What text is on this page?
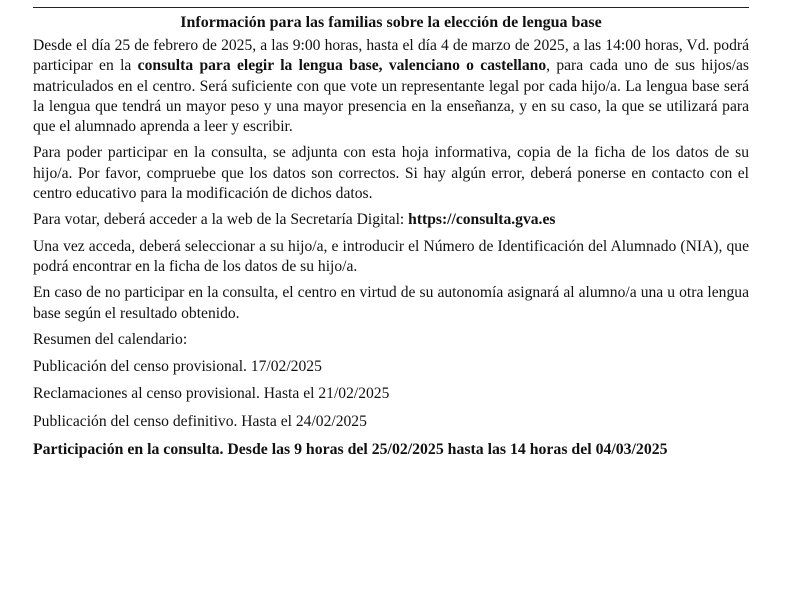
Información para las familias sobre la elección de lengua base

Desde el día 25 de febrero de 2025, a las 9:00 horas, hasta el día 4 de marzo de 2025, a las 14:00 horas, Vd. podrá participar en la consulta para elegir la lengua base, valenciano o castellano, para cada uno de sus hijos/as matriculados en el centro. Será suficiente con que vote un representante legal por cada hijo/a. La lengua base será la lengua que tendrá un mayor peso y una mayor presencia en la enseñanza, y en su caso, la que se utilizará para que el alumnado aprenda a leer y escribir.

Para poder participar en la consulta, se adjunta con esta hoja informativa, copia de la ficha de los datos de su hijo/a. Por favor, compruebe que los datos son correctos. Si hay algún error, deberá ponerse en contacto con el centro educativo para la modificación de dichos datos.

Para votar, deberá acceder a la web de la Secretaría Digital: https://consulta.gva.es

Una vez acceda, deberá seleccionar a su hijo/a, e introducir el Número de Identificación del Alumnado (NIA), que podrá encontrar en la ficha de los datos de su hijo/a.

En caso de no participar en la consulta, el centro en virtud de su autonomía asignará al alumno/a una u otra lengua base según el resultado obtenido.

Resumen del calendario:

Publicación del censo provisional. 17/02/2025

Reclamaciones al censo provisional. Hasta el 21/02/2025

Publicación del censo definitivo. Hasta el 24/02/2025

Participación en la consulta. Desde las 9 horas del 25/02/2025 hasta las 14 horas del 04/03/2025
